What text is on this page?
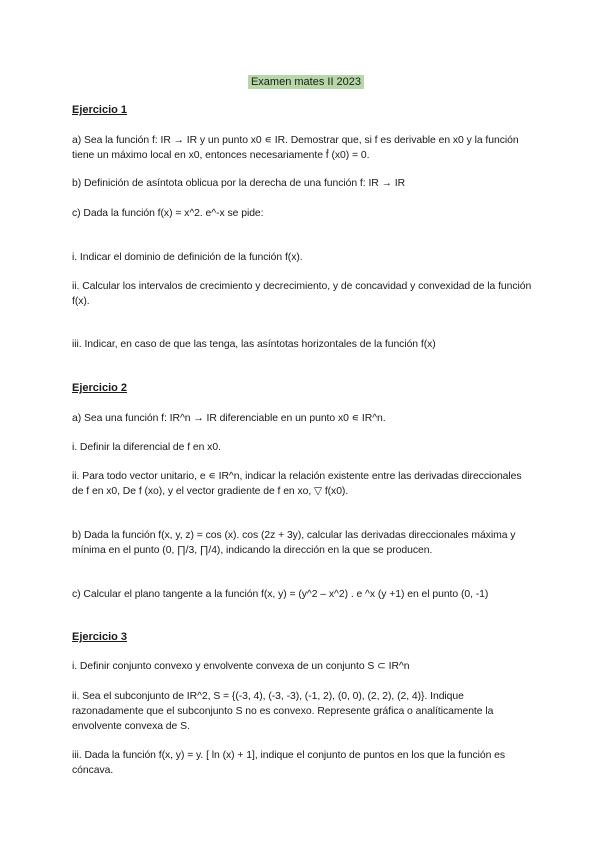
Examen mates II 2023
Ejercicio 1
a) Sea la función f: IR → IR y un punto x0 ∊ IR. Demostrar que, si f es derivable en x0 y la función tiene un máximo local en x0, entonces necesariamente f́ (x0) = 0.
b) Definición de asíntota oblicua por la derecha de una función f: IR → IR
c) Dada la función f(x) = x^2. e^-x se pide:
i. Indicar el dominio de definición de la función f(x).
ii. Calcular los intervalos de crecimiento y decrecimiento, y de concavidad y convexidad de la función f(x).
iii. Indicar, en caso de que las tenga, las asíntotas horizontales de la función f(x)
Ejercicio 2
a) Sea una función f: IR^n → IR diferenciable en un punto x0 ∊ IR^n.
i. Definir la diferencial de f en x0.
ii. Para todo vector unitario, e ∊ IR^n, indicar la relación existente entre las derivadas direccionales de f en x0, De f (xo), y el vector gradiente de f en xo, ▽ f(x0).
b) Dada la función f(x, y, z) = cos (x). cos (2z + 3y), calcular las derivadas direccionales máxima y mínima en el punto (0, ∏/3, ∏/4), indicando la dirección en la que se producen.
c) Calcular el plano tangente a la función f(x, y) = (y^2 – x^2) . e ^x (y +1) en el punto (0, -1)
Ejercicio 3
i. Definir conjunto convexo y envolvente convexa de un conjunto S ⊂ IR^n
ii. Sea el subconjunto de IR^2, S = {(-3, 4), (-3, -3), (-1, 2), (0, 0), (2, 2), (2, 4)}. Indique razonadamente que el subconjunto S no es convexo. Represente gráfica o analíticamente la envolvente convexa de S.
iii. Dada la función f(x, y) = y. [ ln (x) + 1], indique el conjunto de puntos en los que la función es cóncava.
